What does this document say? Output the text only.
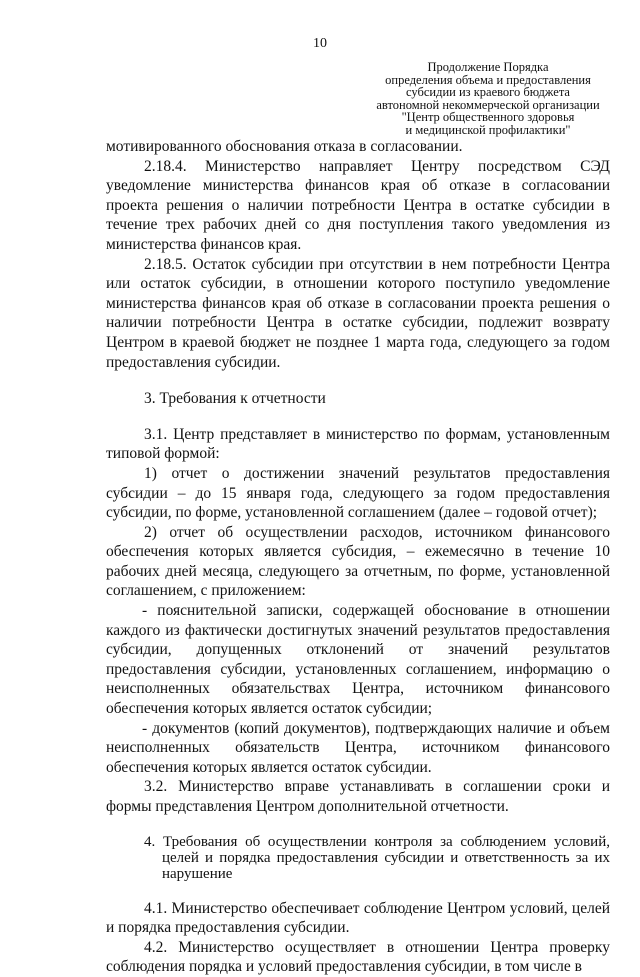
10
Продолжение Порядка
определения объема и предоставления
субсидии из краевого бюджета
автономной некоммерческой организации
"Центр общественного здоровья
и медицинской профилактики"

мотивированного обоснования отказа в согласовании.

2.18.4. Министерство направляет Центру посредством СЭД уведомление министерства финансов края об отказе в согласовании проекта решения о наличии потребности Центра в остатке субсидии в течение трех рабочих дней со дня поступления такого уведомления из министерства финансов края.

2.18.5. Остаток субсидии при отсутствии в нем потребности Центра или остаток субсидии, в отношении которого поступило уведомление министерства финансов края об отказе в согласовании проекта решения о наличии потребности Центра в остатке субсидии, подлежит возврату Центром в краевой бюджет не позднее 1 марта года, следующего за годом предоставления субсидии.

3. Требования к отчетности

3.1. Центр представляет в министерство по формам, установленным типовой формой:

1) отчет о достижении значений результатов предоставления субсидии – до 15 января года, следующего за годом предоставления субсидии, по форме, установленной соглашением (далее – годовой отчет);

2) отчет об осуществлении расходов, источником финансового обеспечения которых является субсидия, – ежемесячно в течение 10 рабочих дней месяца, следующего за отчетным, по форме, установленной соглашением, с приложением:

- пояснительной записки, содержащей обоснование в отношении каждого из фактически достигнутых значений результатов предоставления субсидии, допущенных отклонений от значений результатов предоставления субсидии, установленных соглашением, информацию о неисполненных обязательствах Центра, источником финансового обеспечения которых является остаток субсидии;

- документов (копий документов), подтверждающих наличие и объем неисполненных обязательств Центра, источником финансового обеспечения которых является остаток субсидии.

3.2. Министерство вправе устанавливать в соглашении сроки и формы представления Центром дополнительной отчетности.

4. Требования об осуществлении контроля за соблюдением условий, целей и порядка предоставления субсидии и ответственность за их нарушение

4.1. Министерство обеспечивает соблюдение Центром условий, целей и порядка предоставления субсидии.

4.2. Министерство осуществляет в отношении Центра проверку соблюдения порядка и условий предоставления субсидии, в том числе в
